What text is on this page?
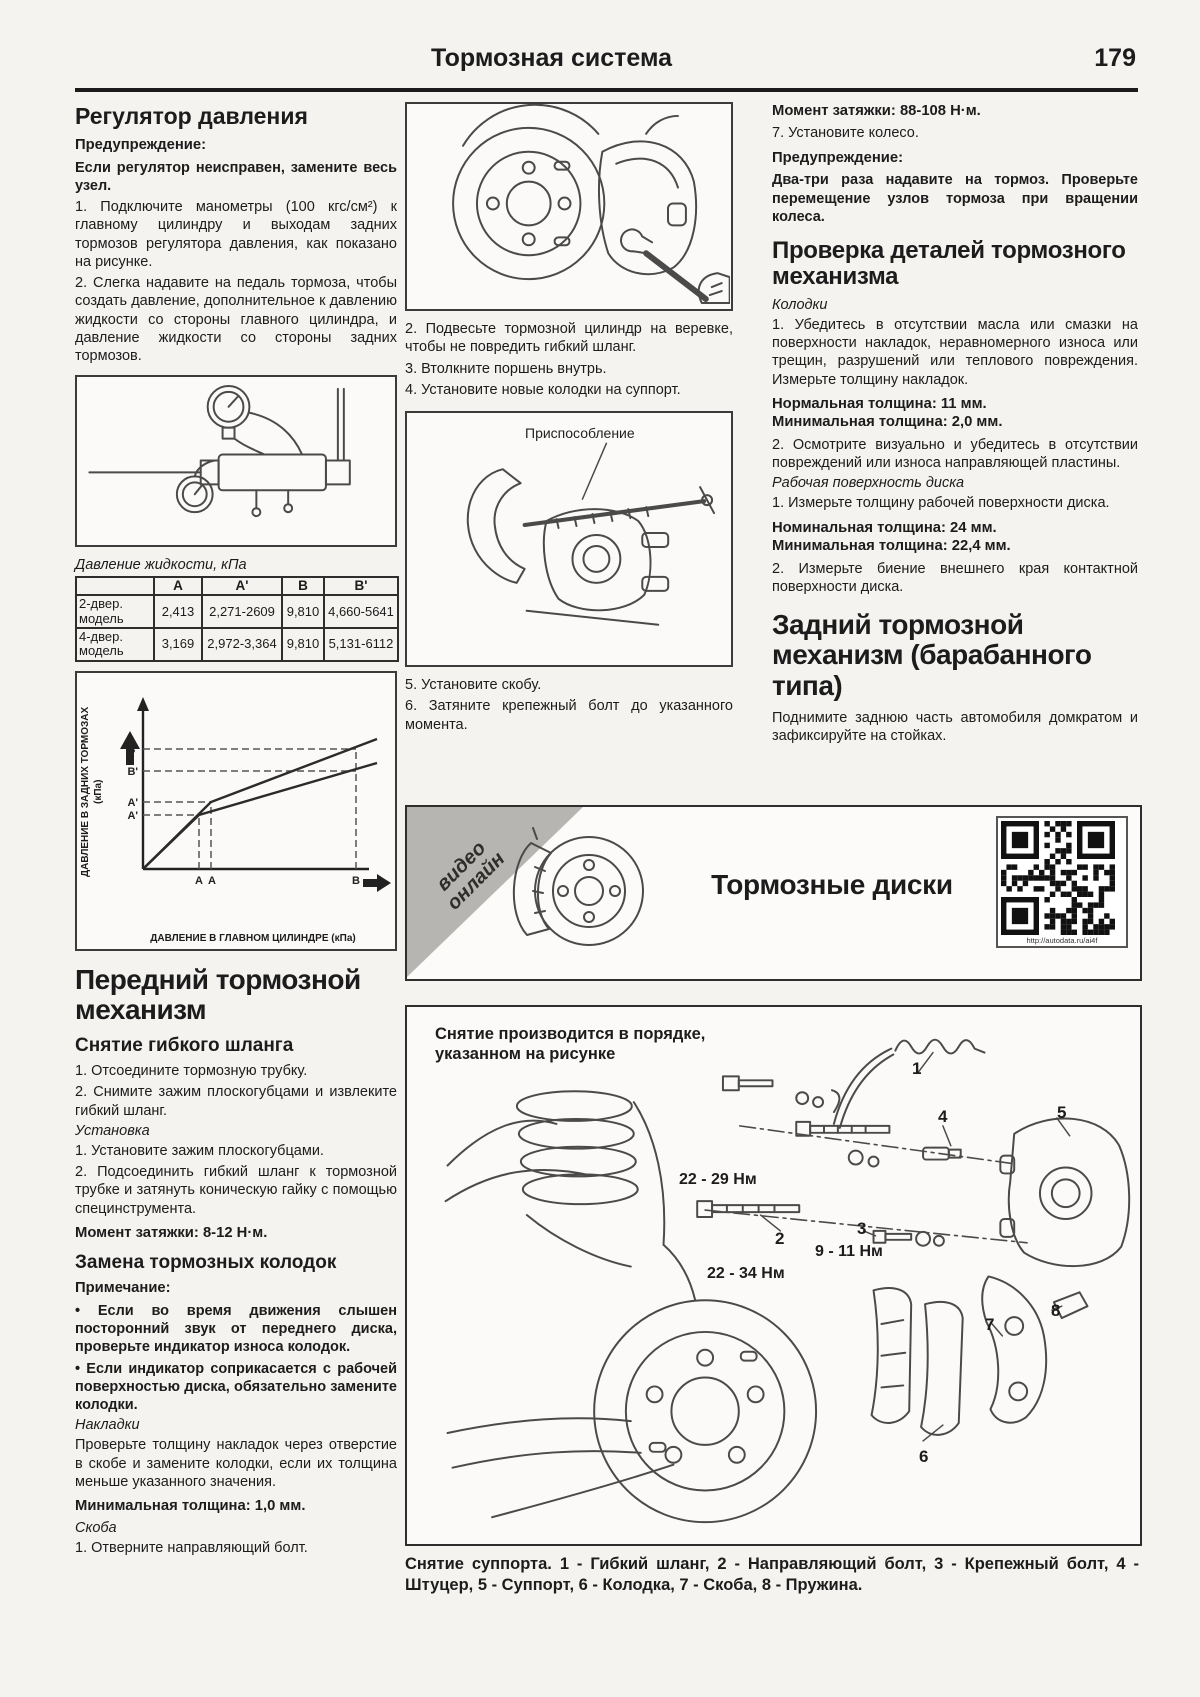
Тормозная система	179
Регулятор давления

Предупреждение:

Если регулятор неисправен, замените весь узел.

1. Подключите манометры (100 кгс/см²) к главному цилиндру и выходам задних тормозов регулятора давления, как показано на рисунке.

2. Слегка надавите на педаль тормоза, чтобы создать давление, дополнительное к давлению жидкости со стороны главного цилиндра, и давление жидкости со стороны задних тормозов.

Давление жидкости, кПа

	A	A'	B	B'
2-двер. модель	2,413	2,271-2609	9,810	4,660-5641
4-двер. модель	3,169	2,972-3,364	9,810	5,131-6112
ДАВЛЕНИЕ В ЗАДНИХ ТОРМОЗАХ (кПа)
B'
B'
A'
A'
A A	B
ДАВЛЕНИЕ В ГЛАВНОМ ЦИЛИНДРЕ (кПа)
Передний тормозной механизм
Снятие гибкого шланга

1. Отсоедините тормозную трубку.

2. Снимите зажим плоскогубцами и извлеките гибкий шланг.

Установка

1. Установите зажим плоскогубцами.

2. Подсоединить гибкий шланг к тормозной трубке и затянуть коническую гайку с помощью специнструмента.

Момент затяжки: 8-12 Н·м.

Замена тормозных колодок

Примечание:

• Если во время движения слышен посторонний звук от переднего диска, проверьте индикатор износа колодок.

• Если индикатор соприкасается с рабочей поверхностью диска, обязательно замените колодки.

Накладки

Проверьте толщину накладок через отверстие в скобе и замените колодки, если их толщина меньше указанного значения.

Минимальная толщина: 1,0 мм.

Скоба

1. Отверните направляющий болт.

2. Подвесьте тормозной цилиндр на веревке, чтобы не повредить гибкий шланг.

3. Втолкните поршень внутрь.

4. Установите новые колодки на суппорт.

Приспособление

5. Установите скобу.

6. Затяните крепежный болт до указанного момента.

Момент затяжки: 88-108 Н·м.

7. Установите колесо.

Предупреждение:

Два-три раза надавите на тормоз. Проверьте перемещение узлов тормоза при вращении колеса.

Проверка деталей тормозного механизма

Колодки

1. Убедитесь в отсутствии масла или смазки на поверхности накладок, неравномерного износа или трещин, разрушений или теплового повреждения. Измерьте толщину накладок.

Нормальная толщина: 11 мм.

Минимальная толщина: 2,0 мм.

2. Осмотрите визуально и убедитесь в отсутствии повреждений или износа направляющей пластины.

Рабочая поверхность диска

1. Измерьте толщину рабочей поверхности диска.

Номинальная толщина: 24 мм.

Минимальная толщина: 22,4 мм.

2. Измерьте биение внешнего края контактной поверхности диска.

Задний тормозной механизм (барабанного типа)

Поднимите заднюю часть автомобиля домкратом и зафиксируйте на стойках.

видео онлайн	Тормозные диски
http://autodata.ru/ai4f
Снятие производится в порядке, указанном на рисунке
1
4	5
22 - 29 Нм
2
22 - 34 Нм
3
9 - 11 Нм
7
8
6
Снятие суппорта. 1 - Гибкий шланг, 2 - Направляющий болт, 3 - Крепежный болт, 4 - Штуцер, 5 - Суппорт, 6 - Колодка, 7 - Скоба, 8 - Пружина.
